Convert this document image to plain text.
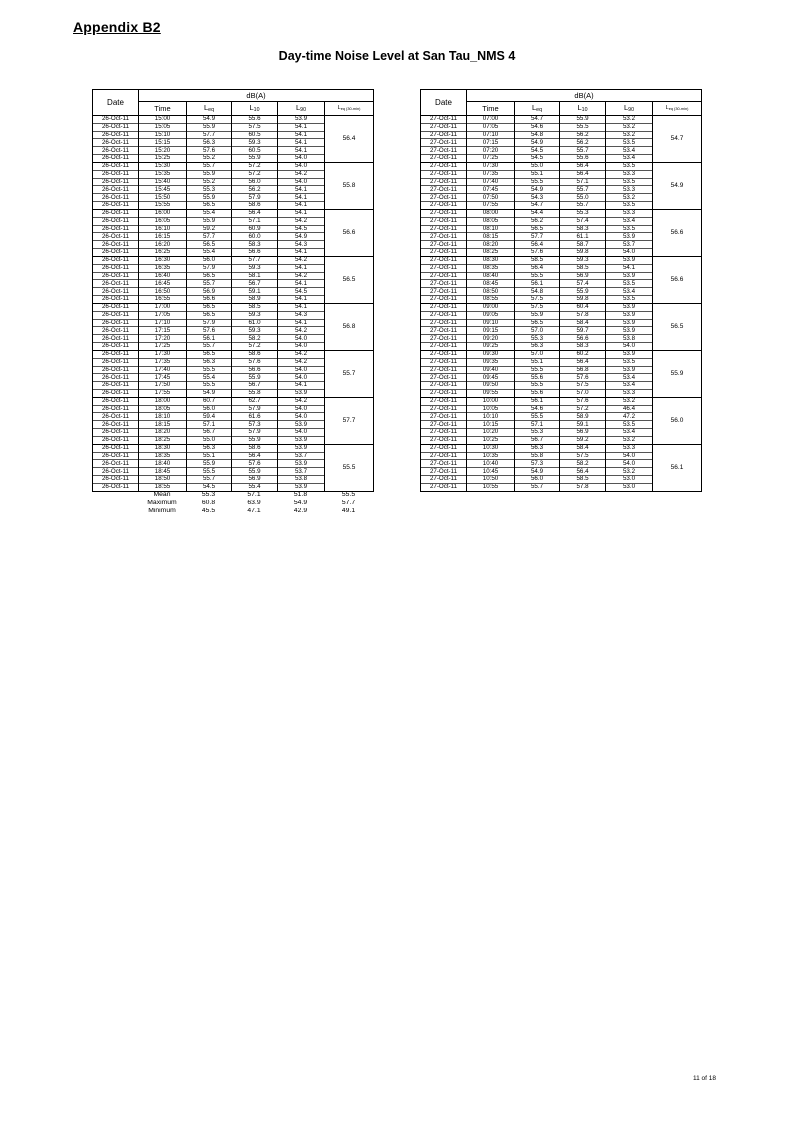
Appendix B2
Day-time Noise Level at San Tau_NMS 4
Date	dB(A)				
	Time	$L_{eq}$	$L_{10}$	$L_{90}$	$L_{eq (30-min)}$
26-Oct-11	15:00	54.9	55.6	53.9	56.4
26-Oct-11	15:05	55.9	57.5	54.1	
26-Oct-11	15:10	57.7	60.5	54.1	
26-Oct-11	15:15	56.3	59.3	54.1	
26-Oct-11	15:20	57.6	60.5	54.1	
26-Oct-11	15:25	55.2	55.9	54.0	
26-Oct-11	15:30	55.7	57.2	54.0	55.8
26-Oct-11	15:35	55.9	57.2	54.2	
26-Oct-11	15:40	55.2	56.0	54.0	
26-Oct-11	15:45	55.3	56.2	54.1	
26-Oct-11	15:50	55.9	57.9	54.1	
26-Oct-11	15:55	56.5	58.6	54.1	
26-Oct-11	16:00	55.4	56.4	54.1	56.6
26-Oct-11	16:05	55.9	57.1	54.2	
26-Oct-11	16:10	59.2	60.9	54.5	
26-Oct-11	16:15	57.7	60.0	54.9	
26-Oct-11	16:20	56.5	58.3	54.3	
26-Oct-11	16:25	55.4	56.6	54.1	
26-Oct-11	16:30	56.0	57.7	54.2	56.5
26-Oct-11	16:35	57.9	59.3	54.1	
26-Oct-11	16:40	56.5	58.1	54.2	
26-Oct-11	16:45	55.7	56.7	54.1	
26-Oct-11	16:50	56.9	59.1	54.5	
26-Oct-11	16:55	56.6	58.9	54.1	
26-Oct-11	17:00	56.5	58.5	54.1	56.8
26-Oct-11	17:05	56.5	59.3	54.3	
26-Oct-11	17:10	57.9	61.0	54.1	
26-Oct-11	17:15	57.6	59.3	54.2	
26-Oct-11	17:20	56.1	58.2	54.0	
26-Oct-11	17:25	55.7	57.2	54.0	
26-Oct-11	17:30	56.5	58.6	54.2	55.7
26-Oct-11	17:35	56.3	57.6	54.2	
26-Oct-11	17:40	55.5	56.6	54.0	
26-Oct-11	17:45	55.4	55.9	54.0	
26-Oct-11	17:50	55.5	56.7	54.1	
26-Oct-11	17:55	54.9	55.8	53.9	
26-Oct-11	18:00	60.7	62.7	54.2	57.7
26-Oct-11	18:05	56.0	57.9	54.0	
26-Oct-11	18:10	59.4	61.6	54.0	
26-Oct-11	18:15	57.1	57.3	53.9	
26-Oct-11	18:20	56.7	57.9	54.0	
26-Oct-11	18:25	55.0	55.9	53.9	
26-Oct-11	18:30	56.3	58.6	53.9	55.5
26-Oct-11	18:35	55.1	56.4	53.7	
26-Oct-11	18:40	55.9	57.6	53.9	
26-Oct-11	18:45	55.5	55.9	53.7	
26-Oct-11	18:50	55.7	56.9	53.8	
26-Oct-11	18:55	54.5	55.4	53.9	
	Mean	55.3	57.1	51.8	55.5
	Maximum	60.8	63.9	54.9	57.7
	Minimum	45.5	47.1	42.9	49.1
Date	dB(A)				
	Time	$L_{eq}$	$L_{10}$	$L_{90}$	$L_{eq (30-min)}$
27-Oct-11	07:00	54.7	55.9	53.2	54.7
27-Oct-11	07:05	54.6	55.5	53.2	
27-Oct-11	07:10	54.8	56.2	53.2	
27-Oct-11	07:15	54.9	56.2	53.5	
27-Oct-11	07:20	54.5	55.7	53.4	
27-Oct-11	07:25	54.5	55.6	53.4	
27-Oct-11	07:30	55.0	56.4	53.5	54.9
27-Oct-11	07:35	55.1	56.4	53.3	
27-Oct-11	07:40	55.5	57.1	53.5	
27-Oct-11	07:45	54.9	55.7	53.3	
27-Oct-11	07:50	54.3	55.0	53.2	
27-Oct-11	07:55	54.7	55.7	53.5	
27-Oct-11	08:00	54.4	55.3	53.3	56.6
27-Oct-11	08:05	56.2	57.4	53.4	
27-Oct-11	08:10	56.5	58.3	53.5	
27-Oct-11	08:15	57.7	61.1	53.9	
27-Oct-11	08:20	56.4	58.7	53.7	
27-Oct-11	08:25	57.6	59.8	54.0	
27-Oct-11	08:30	58.5	59.3	53.9	56.6
27-Oct-11	08:35	56.4	58.5	54.1	
27-Oct-11	08:40	55.5	56.9	53.9	
27-Oct-11	08:45	56.1	57.4	53.5	
27-Oct-11	08:50	54.8	55.9	53.4	
27-Oct-11	08:55	57.5	59.8	53.5	
27-Oct-11	09:00	57.5	60.4	53.9	56.5
27-Oct-11	09:05	55.9	57.8	53.9	
27-Oct-11	09:10	56.5	58.4	53.9	
27-Oct-11	09:15	57.0	59.7	53.9	
27-Oct-11	09:20	55.3	56.6	53.8	
27-Oct-11	09:25	56.3	58.3	54.0	
27-Oct-11	09:30	57.0	60.2	53.9	55.9
27-Oct-11	09:35	55.1	56.4	53.5	
27-Oct-11	09:40	55.5	56.8	53.9	
27-Oct-11	09:45	55.6	57.6	53.4	
27-Oct-11	09:50	55.5	57.5	53.4	
27-Oct-11	09:55	55.6	57.0	53.3	
27-Oct-11	10:00	56.1	57.6	53.2	56.0
27-Oct-11	10:05	54.6	57.2	46.4	
27-Oct-11	10:10	55.5	58.9	47.2	
27-Oct-11	10:15	57.1	59.1	53.5	
27-Oct-11	10:20	55.3	56.9	53.4	
27-Oct-11	10:25	56.7	59.2	53.2	
27-Oct-11	10:30	56.3	58.4	53.3	56.1
27-Oct-11	10:35	55.8	57.5	54.0	
27-Oct-11	10:40	57.3	58.2	54.0	
27-Oct-11	10:45	54.9	56.4	53.2	
27-Oct-11	10:50	56.0	58.5	53.0	
27-Oct-11	10:55	55.7	57.8	53.0	
11 of 18
